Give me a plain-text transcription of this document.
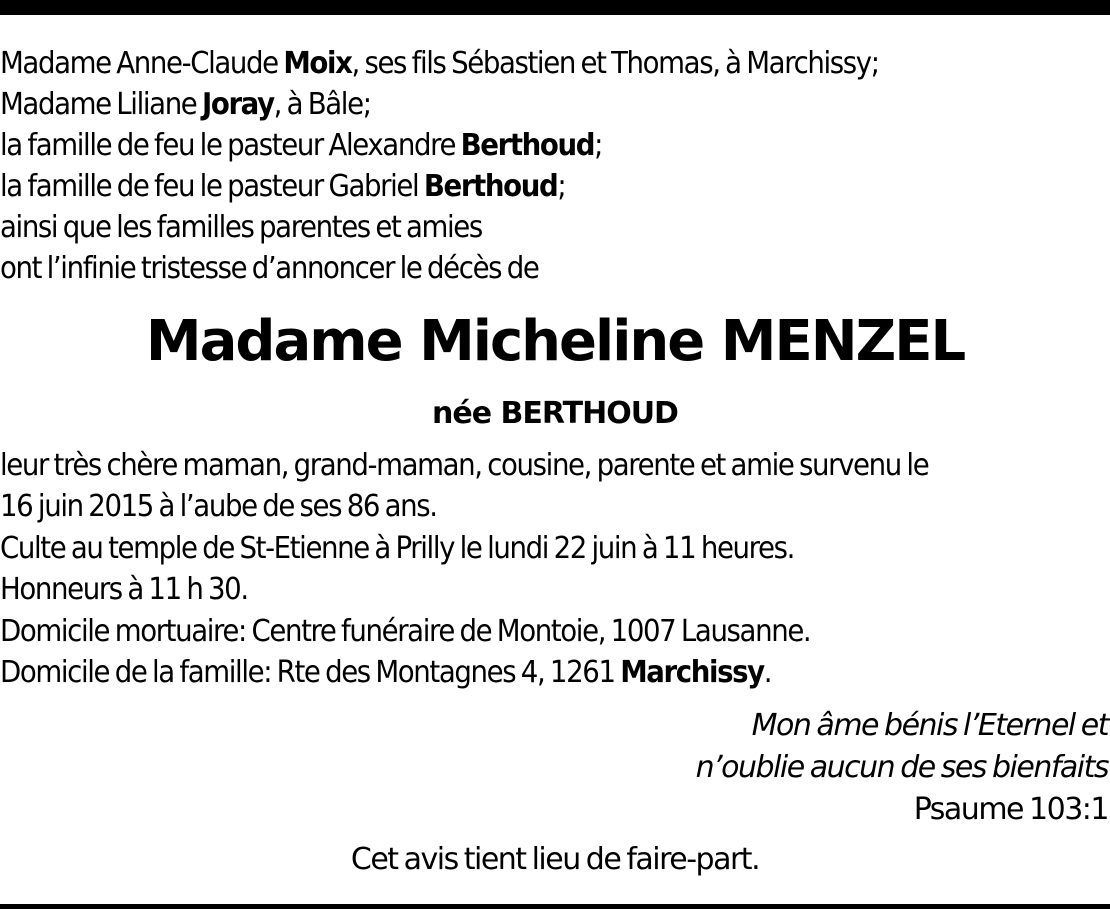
Madame Anne-Claude Moix, ses fils Sébastien et Thomas, à Marchissy;
Madame Liliane Joray, à Bâle;
la famille de feu le pasteur Alexandre Berthoud;
la famille de feu le pasteur Gabriel Berthoud;
ainsi que les familles parentes et amies
ont l’infinie tristesse d’annoncer le décès de
Madame Micheline MENZEL
née BERTHOUD
leur très chère maman, grand-maman, cousine, parente et amie survenu le
16 juin 2015 à l’aube de ses 86 ans.
Culte au temple de St-Etienne à Prilly le lundi 22 juin à 11 heures.
Honneurs à 11 h 30.
Domicile mortuaire: Centre funéraire de Montoie, 1007 Lausanne.
Domicile de la famille: Rte des Montagnes 4, 1261 Marchissy.
Mon âme bénis l’Eternel et
n’oublie aucun de ses bienfaits
Psaume 103:1
Cet avis tient lieu de faire-part.
